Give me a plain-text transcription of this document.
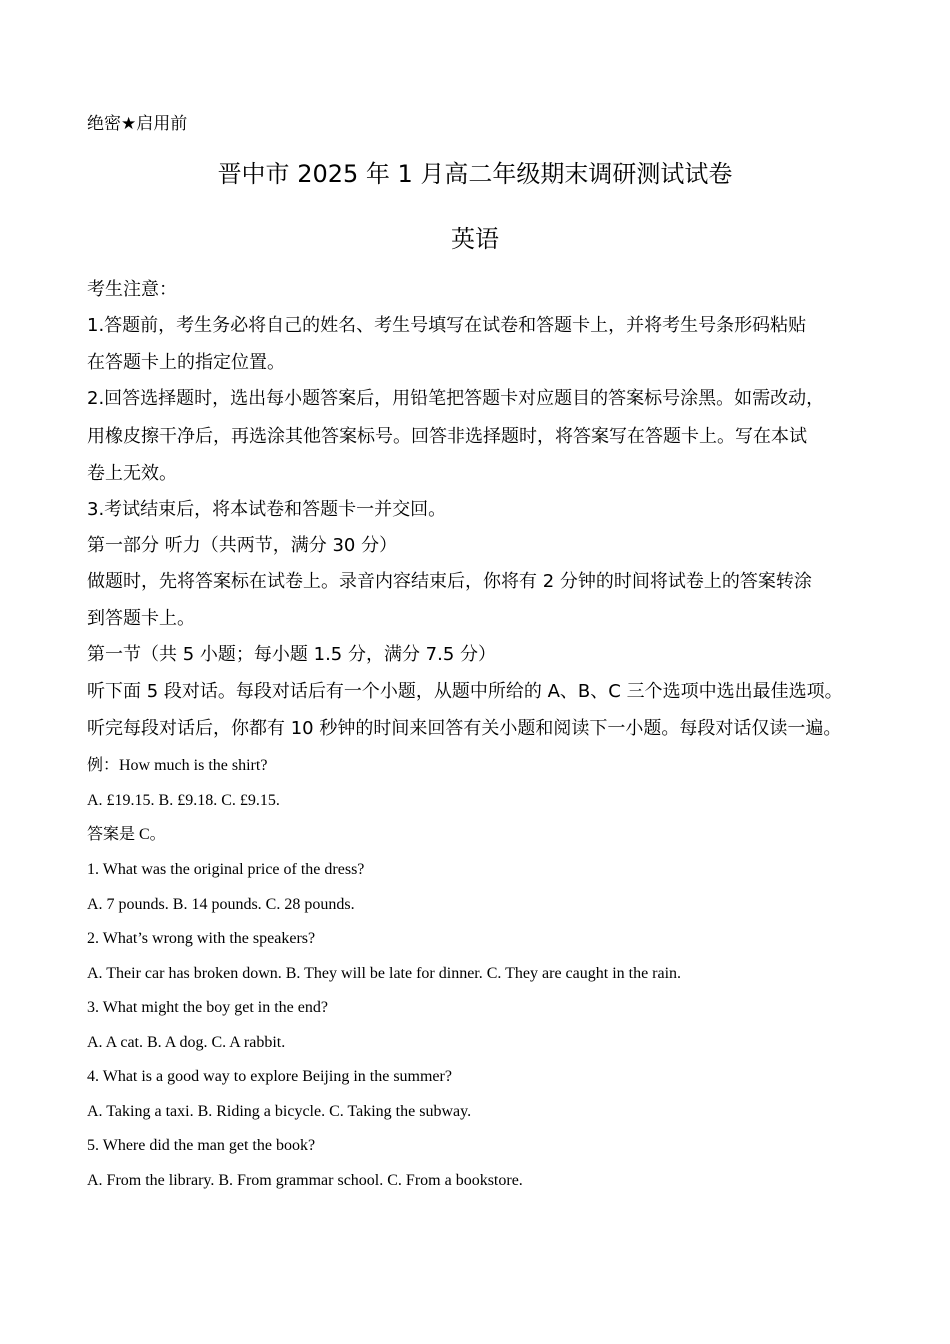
绝密★启用前
晋中市 2025 年 1 月高二年级期末调研测试试卷
英语
考生注意：
1.答题前，考生务必将自己的姓名、考生号填写在试卷和答题卡上，并将考生号条形码粘贴
在答题卡上的指定位置。
2.回答选择题时，选出每小题答案后，用铅笔把答题卡对应题目的答案标号涂黑。如需改动，
用橡皮擦干净后，再选涂其他答案标号。回答非选择题时，将答案写在答题卡上。写在本试
卷上无效。
3.考试结束后，将本试卷和答题卡一并交回。
第一部分 听力（共两节，满分 30 分）
做题时，先将答案标在试卷上。录音内容结束后，你将有 2 分钟的时间将试卷上的答案转涂
到答题卡上。
第一节（共 5 小题；每小题 1.5 分，满分 7.5 分）
听下面 5 段对话。每段对话后有一个小题，从题中所给的 A、B、C 三个选项中选出最佳选项。
听完每段对话后，你都有 10 秒钟的时间来回答有关小题和阅读下一小题。每段对话仅读一遍。
例：How much is the shirt?
A. £19.15. B. £9.18. C. £9.15.
答案是 C。
1. What was the original price of the dress?
A. 7 pounds. B. 14 pounds. C. 28 pounds.
2. What’s wrong with the speakers?
A. Their car has broken down. B. They will be late for dinner. C. They are caught in the rain.
3. What might the boy get in the end?
A. A cat. B. A dog. C. A rabbit.
4. What is a good way to explore Beijing in the summer?
A. Taking a taxi. B. Riding a bicycle. C. Taking the subway.
5. Where did the man get the book?
A. From the library. B. From grammar school. C. From a bookstore.
